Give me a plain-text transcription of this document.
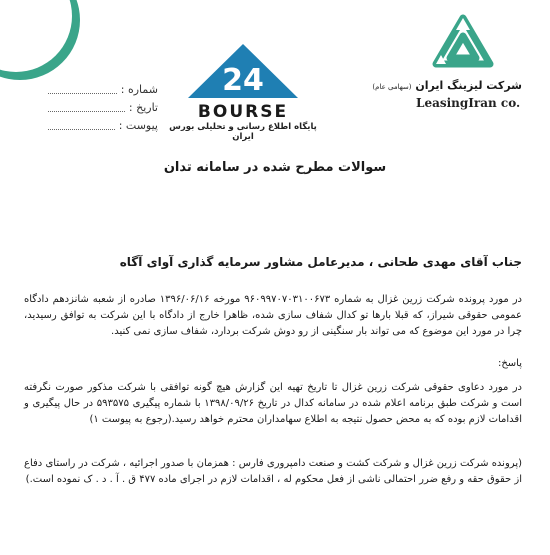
شماره :
تاریخ :
پیوست :
24
BOURSE
پایگاه اطلاع رسانی و تحلیلی بورس ایران
شرکت لیزینگ ایران (سهامی عام)
LeasingIran co.
سوالات مطرح شده در سامانه تدان
جناب آقای مهدی طحانی ، مدیرعامل مشاور سرمایه گذاری آوای آگاه
در مورد پرونده شرکت زرین غزال به شماره ۹۶۰۹۹۷۰۷۰۳۱۰۰۶۷۳ مورخه ۱۳۹۶/۰۶/۱۶ صادره از شعبه شانزدهم دادگاه عمومی حقوقی شیراز، که قبلا بارها تو کدال شفاف سازی شده، ظاهرا خارج از دادگاه با این شرکت به توافق رسیدید، چرا در مورد این موضوع که می تواند بار سنگینی از رو دوش شرکت بردارد، شفاف سازی نمی کنید.
پاسخ:
در مورد دعاوی حقوقی شرکت زرین غزال تا تاریخ تهیه این گزارش هیچ گونه توافقی با شرکت مذکور صورت نگرفته است و شرکت طبق برنامه اعلام شده در سامانه کدال در تاریخ ۱۳۹۸/۰۹/۲۶ با شماره پیگیری ۵۹۳۵۷۵ در حال پیگیری و اقدامات لازم بوده که به محض حصول نتیجه به اطلاع سهامداران محترم خواهد رسید.(رجوع به پیوست ۱)
(پرونده شرکت زرین غزال و شرکت کشت و صنعت دامپروری فارس : همزمان با صدور اجرائیه ، شرکت در راستای دفاع از حقوق حقه و رفع ضرر احتمالی ناشی از فعل محکوم له ، اقدامات لازم در اجرای ماده ۴۷۷ ق . آ . د . ک نموده است.)
